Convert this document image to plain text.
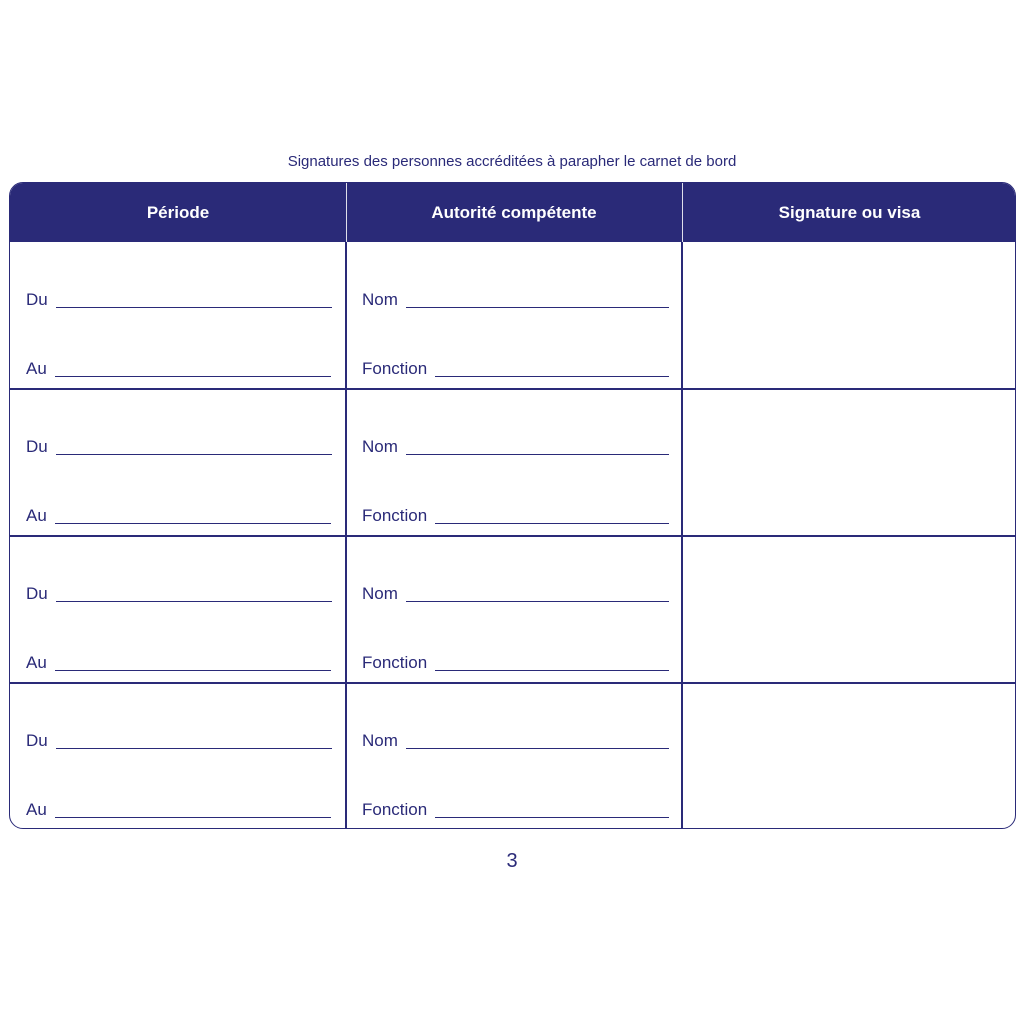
Signatures des personnes accréditées à parapher le carnet de bord
Période	Autorité compétente	Signature ou visa
Du
Au
Nom
Fonction
Du
Au
Nom
Fonction
Du
Au
Nom
Fonction
Du
Au
Nom
Fonction
3
